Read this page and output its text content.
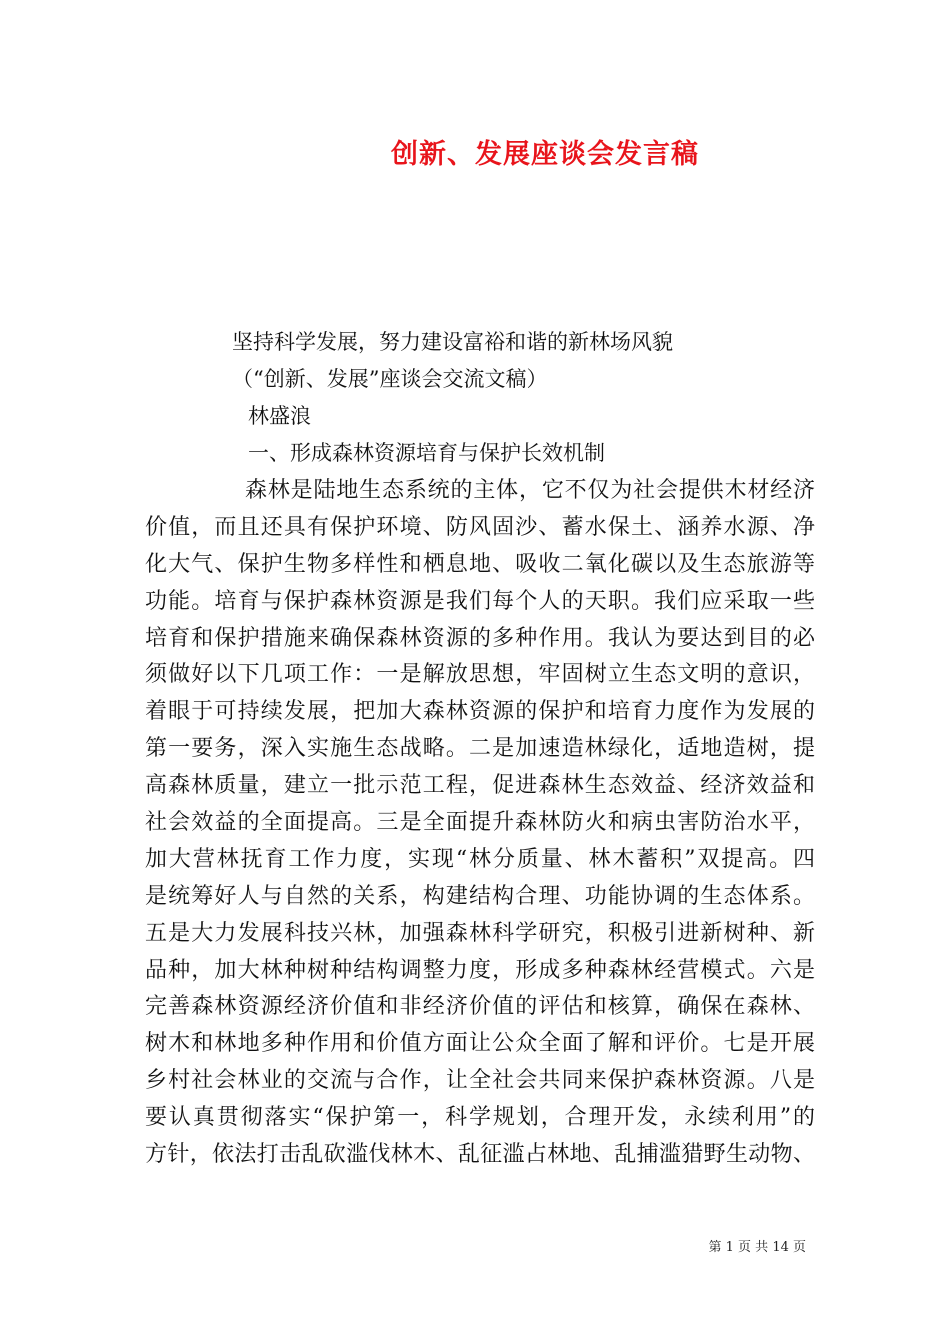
创新、发展座谈会发言稿
坚持科学发展，努力建设富裕和谐的新林场风貌
（“创新、发展”座谈会交流文稿）
林盛浪
一、形成森林资源培育与保护长效机制
森林是陆地生态系统的主体，它不仅为社会提供木材经济
价值，而且还具有保护环境、防风固沙、蓄水保土、涵养水源、净
化大气、保护生物多样性和栖息地、吸收二氧化碳以及生态旅游等
功能。培育与保护森林资源是我们每个人的天职。我们应采取一些
培育和保护措施来确保森林资源的多种作用。我认为要达到目的必
须做好以下几项工作：一是解放思想，牢固树立生态文明的意识，
着眼于可持续发展，把加大森林资源的保护和培育力度作为发展的
第一要务，深入实施生态战略。二是加速造林绿化，适地造树，提
高森林质量，建立一批示范工程，促进森林生态效益、经济效益和
社会效益的全面提高。三是全面提升森林防火和病虫害防治水平，
加大营林抚育工作力度，实现“林分质量、林木蓄积”双提高。四
是统筹好人与自然的关系，构建结构合理、功能协调的生态体系。
五是大力发展科技兴林，加强森林科学研究，积极引进新树种、新
品种，加大林种树种结构调整力度，形成多种森林经营模式。六是
完善森林资源经济价值和非经济价值的评估和核算，确保在森林、
树木和林地多种作用和价值方面让公众全面了解和评价。七是开展
乡村社会林业的交流与合作，让全社会共同来保护森林资源。八是
要认真贯彻落实“保护第一，科学规划，合理开发，永续利用”的
方针，依法打击乱砍滥伐林木、乱征滥占林地、乱捕滥猎野生动物、
第 1 页 共 14 页
